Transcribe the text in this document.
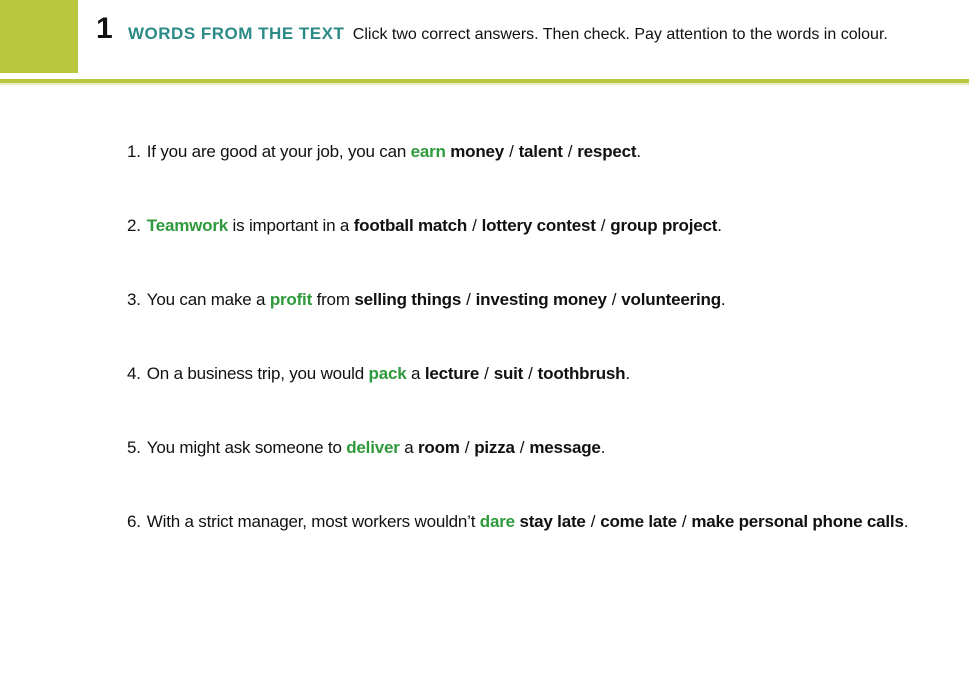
1 WORDS FROM THE TEXT Click two correct answers. Then check. Pay attention to the words in colour.
1. If you are good at your job, you can earn money / talent / respect.
2. Teamwork is important in a football match / lottery contest / group project.
3. You can make a profit from selling things / investing money / volunteering.
4. On a business trip, you would pack a lecture / suit / toothbrush.
5. You might ask someone to deliver a room / pizza / message.
6. With a strict manager, most workers wouldn’t dare stay late / come late / make personal phone calls.
